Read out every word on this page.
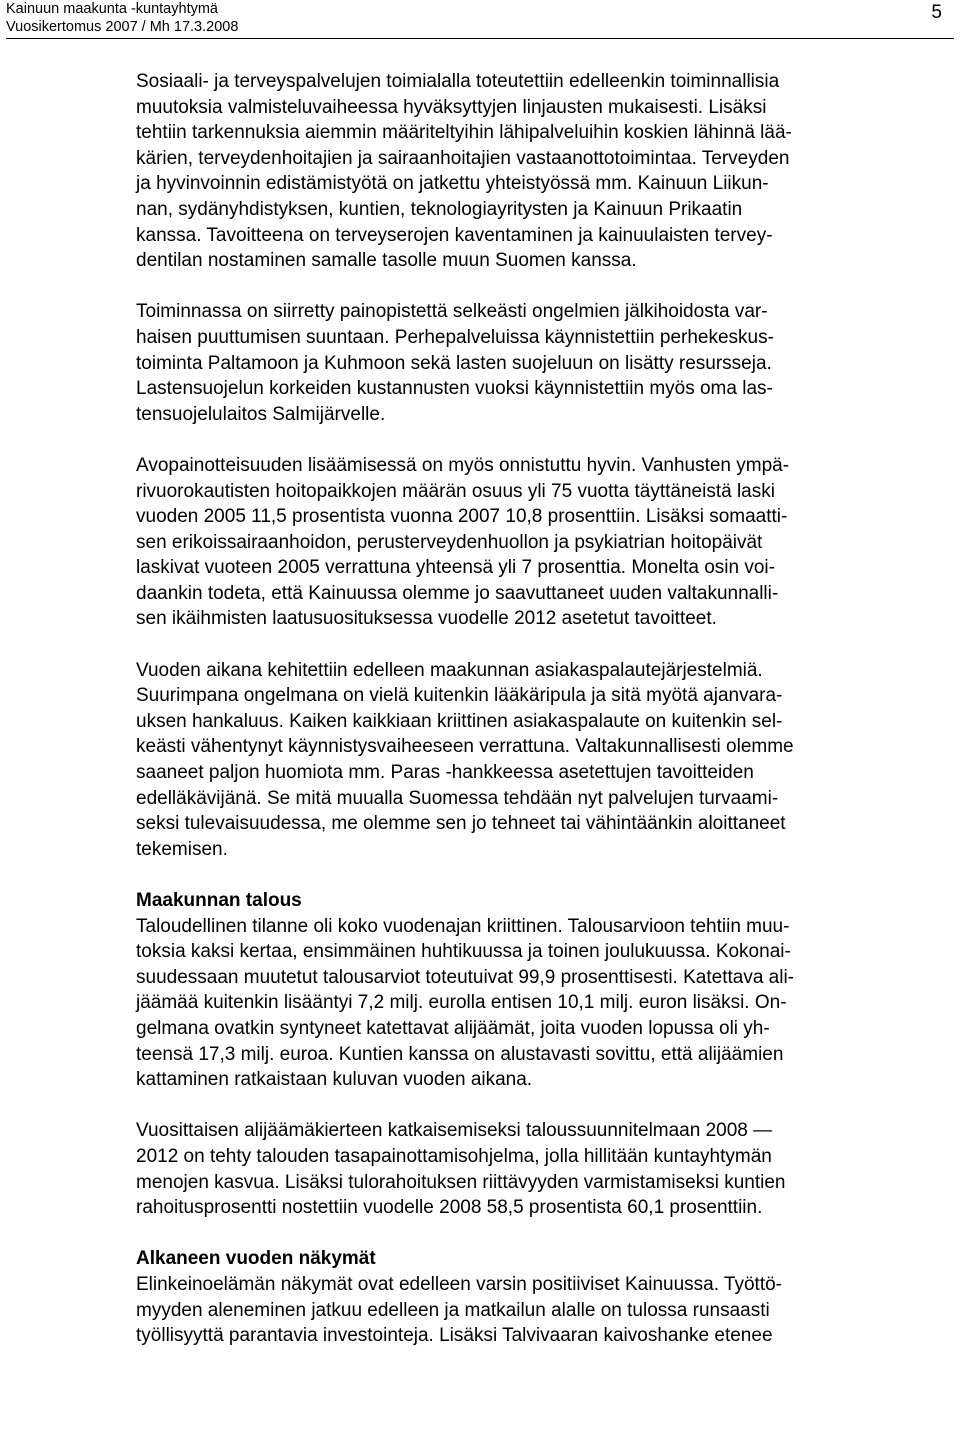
Kainuun maakunta -kuntayhtymä
Vuosikertomus 2007 / Mh 17.3.2008
5
Sosiaali- ja terveyspalvelujen toimialalla toteutettiin edelleenkin toiminnallisia
muutoksia valmisteluvaiheessa hyväksyttyjen linjausten mukaisesti. Lisäksi
tehtiin tarkennuksia aiemmin määriteltyihin lähipalveluihin koskien lähinnä lää-
kärien, terveydenhoitajien ja sairaanhoitajien vastaanottotoimintaa. Terveyden
ja hyvinvoinnin edistämistyötä on jatkettu yhteistyössä mm. Kainuun Liikun-
nan, sydänyhdistyksen, kuntien, teknologiayritysten ja Kainuun Prikaatin
kanssa. Tavoitteena on terveyserojen kaventaminen ja kainuulaisten tervey-
dentilan nostaminen samalle tasolle muun Suomen kanssa.
Toiminnassa on siirretty painopistettä selkeästi ongelmien jälkihoidosta var-
haisen puuttumisen suuntaan. Perhepalveluissa käynnistettiin perhekeskus-
toiminta Paltamoon ja Kuhmoon sekä lasten suojeluun on lisätty resursseja.
Lastensuojelun korkeiden kustannusten vuoksi käynnistettiin myös oma las-
tensuojelulaitos Salmijärvelle.
Avopainotteisuuden lisäämisessä on myös onnistuttu hyvin. Vanhusten ympä-
rivuorokautisten hoitopaikkojen määrän osuus yli 75 vuotta täyttäneistä laski
vuoden 2005 11,5 prosentista vuonna 2007 10,8 prosenttiin. Lisäksi somaatti-
sen erikoissairaanhoidon, perusterveydenhuollon ja psykiatrian hoitopäivät
laskivat vuoteen 2005 verrattuna yhteensä yli 7 prosenttia. Monelta osin voi-
daankin todeta, että Kainuussa olemme jo saavuttaneet uuden valtakunnalli-
sen ikäihmisten laatusuosituksessa vuodelle 2012 asetetut tavoitteet.
Vuoden aikana kehitettiin edelleen maakunnan asiakaspalautejärjestelmiä.
Suurimpana ongelmana on vielä kuitenkin lääkäripula ja sitä myötä ajanvara-
uksen hankaluus. Kaiken kaikkiaan kriittinen asiakaspalaute on kuitenkin sel-
keästi vähentynyt käynnistysvaiheeseen verrattuna. Valtakunnallisesti olemme
saaneet paljon huomiota mm. Paras -hankkeessa asetettujen tavoitteiden
edelläkävijänä. Se mitä muualla Suomessa tehdään nyt palvelujen turvaami-
seksi tulevaisuudessa, me olemme sen jo tehneet tai vähintäänkin aloittaneet
tekemisen.
Maakunnan talous
Taloudellinen tilanne oli koko vuodenajan kriittinen. Talousarvioon tehtiin muu-
toksia kaksi kertaa, ensimmäinen huhtikuussa ja toinen joulukuussa. Kokonai-
suudessaan muutetut talousarviot toteutuivat 99,9 prosenttisesti. Katettava ali-
jäämää kuitenkin lisääntyi 7,2 milj. eurolla entisen 10,1 milj. euron lisäksi. On-
gelmana ovatkin syntyneet katettavat alijäämät, joita vuoden lopussa oli yh-
teensä 17,3 milj. euroa. Kuntien kanssa on alustavasti sovittu, että alijäämien
kattaminen ratkaistaan kuluvan vuoden aikana.
Vuosittaisen alijäämäkierteen katkaisemiseksi taloussuunnitelmaan 2008 —
2012 on tehty talouden tasapainottamisohjelma, jolla hillitään kuntayhtymän
menojen kasvua. Lisäksi tulorahoituksen riittävyyden varmistamiseksi kuntien
rahoitusprosentti nostettiin vuodelle 2008 58,5 prosentista 60,1 prosenttiin.
Alkaneen vuoden näkymät
Elinkeinoelämän näkymät ovat edelleen varsin positiiviset Kainuussa. Työttö-
myyden aleneminen jatkuu edelleen ja matkailun alalle on tulossa runsaasti
työllisyyttä parantavia investointeja. Lisäksi Talvivaaran kaivoshanke etenee
